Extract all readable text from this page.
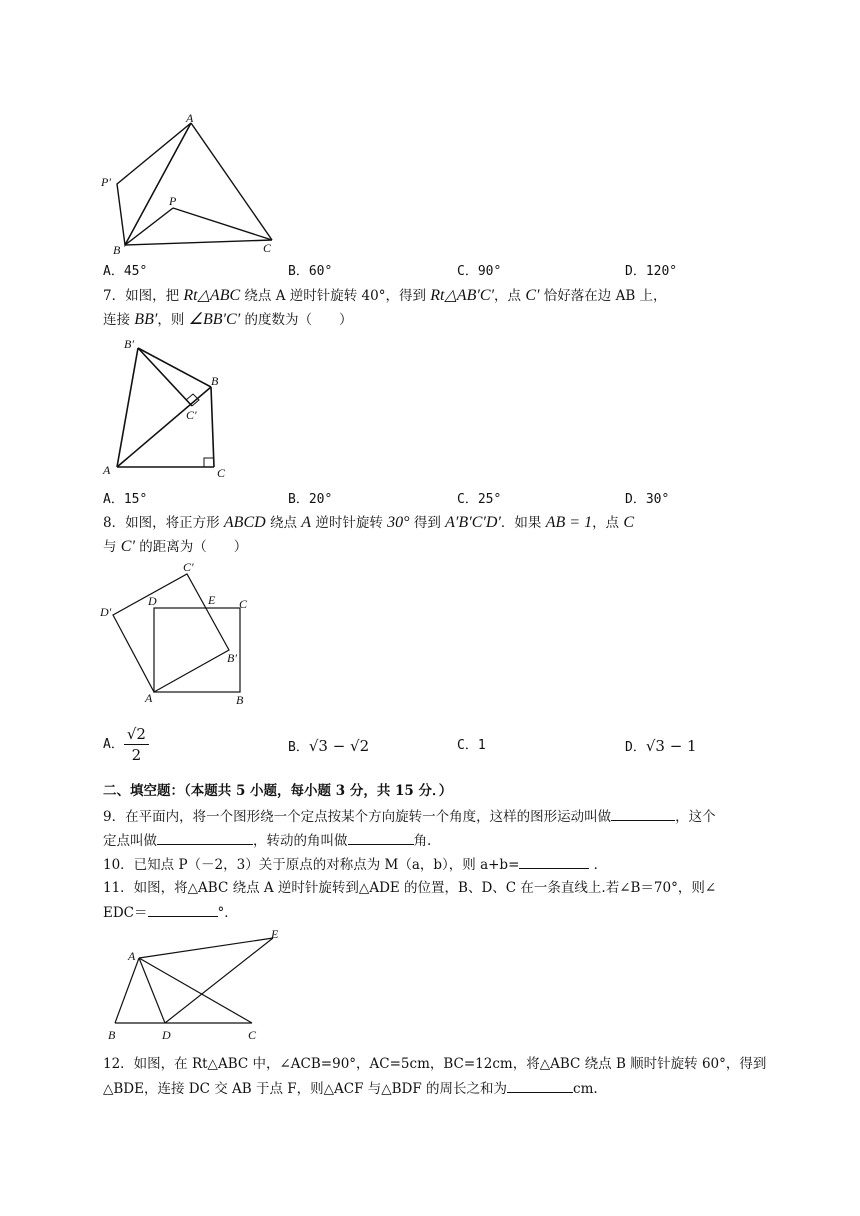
A
P′
P
B	C
A．45°	B．60°	C．90°	D．120°
7．如图，把 Rt△ABC 绕点 A 逆时针旋转 40°，得到 Rt△AB′C′，点 C′ 恰好落在边 AB 上，
连接 BB′，则 ∠BB′C′ 的度数为（　　）
B′
B
C′
A	C
A．15°	B．20°	C．25°	D．30°
8．如图，将正方形 ABCD 绕点 A 逆时针旋转 30° 得到 A′B′C′D′．如果 AB = 1，点 C
与 C′ 的距离为（　　）
C′
D′
D	E C
B′
A	B
A． $\frac{√2}{2}$	B．√3 − √2	C．1	D．√3 − 1
二、填空题：（本题共 5 小题，每小题 3 分，共 15 分．）
9．在平面内，将一个图形绕一个定点按某个方向旋转一个角度，这样的图形运动叫做	，这个
定点叫做	，转动的角叫做	角.
10．已知点 P（－2，3）关于原点的对称点为 M（a，b），则 a+b=	．
11．如图，将△ABC 绕点 A 逆时针旋转到△ADE 的位置，B、D、C 在一条直线上.若∠B＝70°，则∠
EDC＝	°．
A
E
B	D	C
12．如图，在 Rt△ABC 中，∠ACB=90°，AC=5cm，BC=12cm，将△ABC 绕点 B 顺时针旋转 60°，得到
△BDE，连接 DC 交 AB 于点 F，则△ACF 与△BDF 的周长之和为	cm.
